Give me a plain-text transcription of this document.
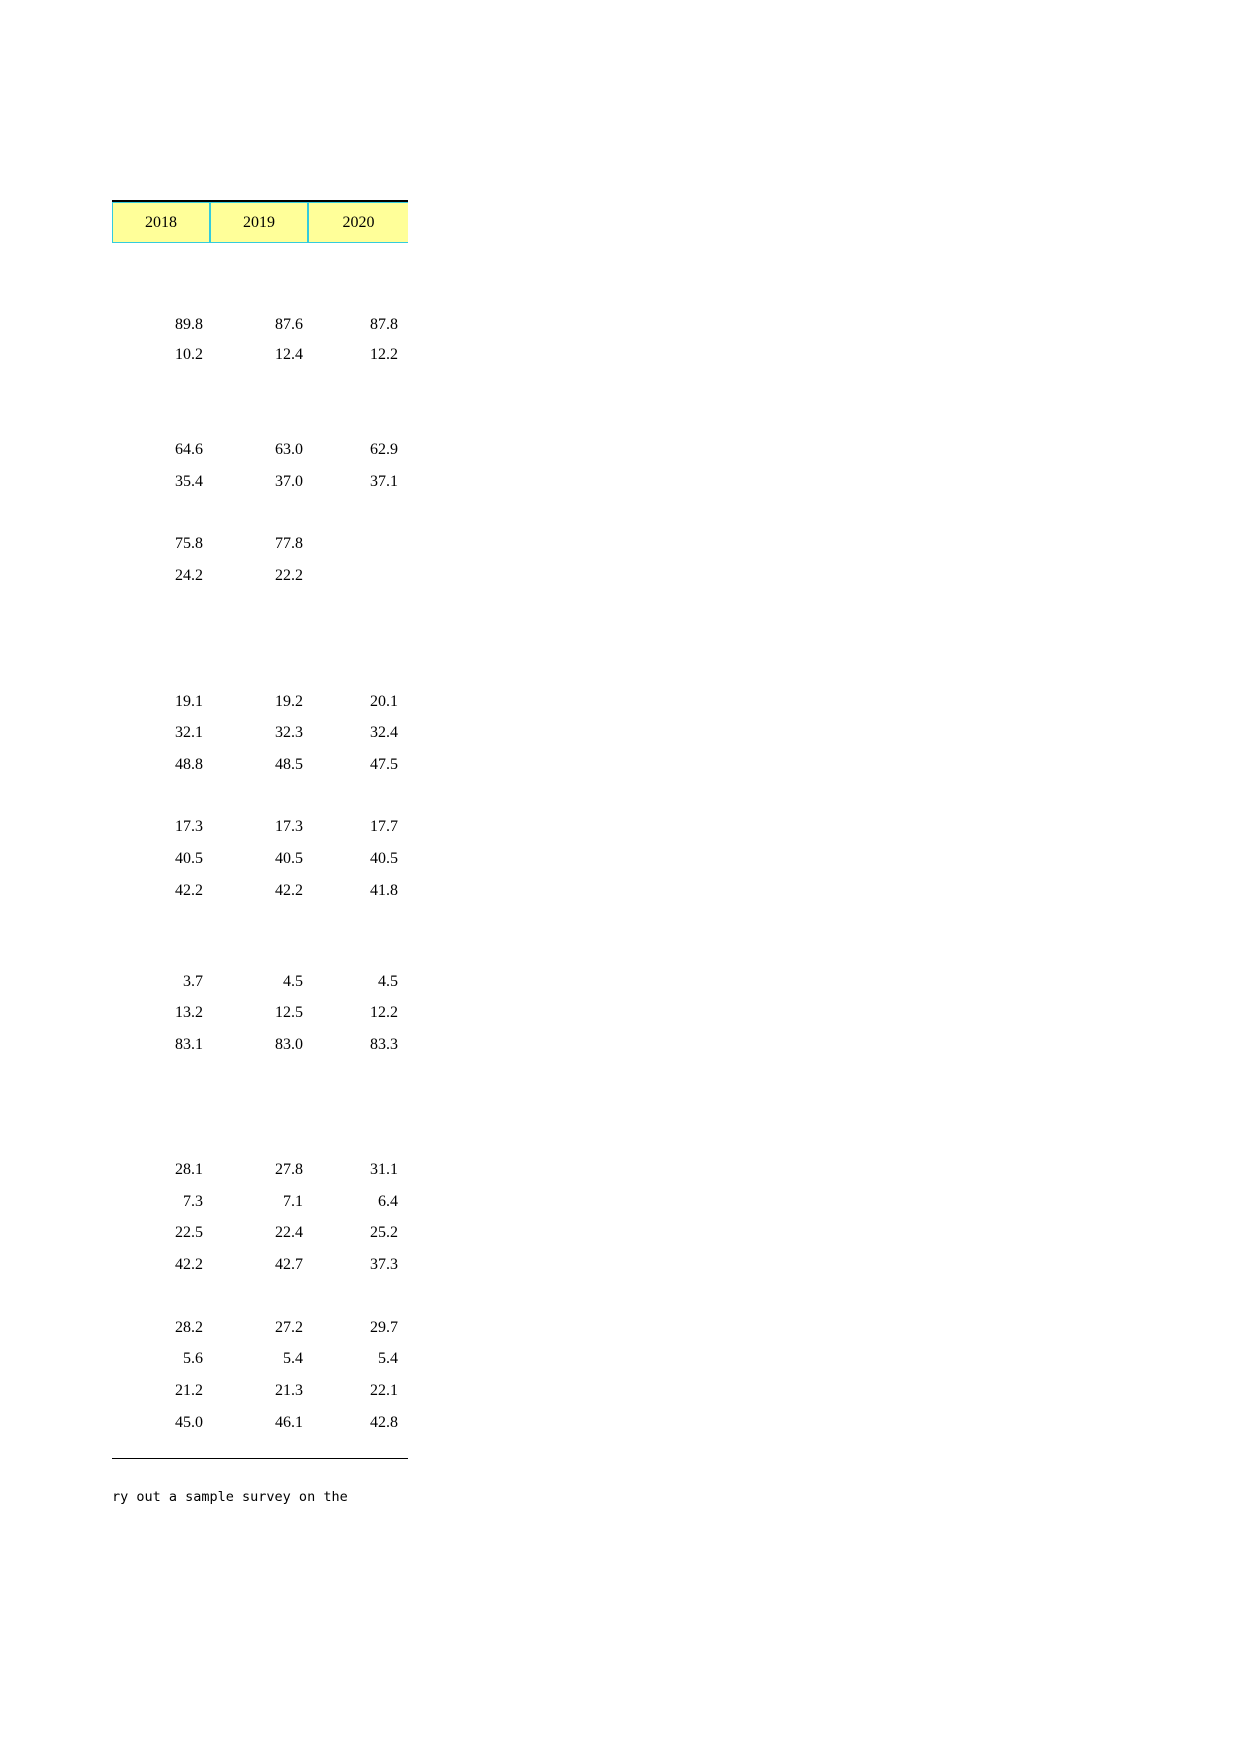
2018	2019	2020
89.8	87.6	87.8
10.2	12.4	12.2
64.6	63.0	62.9
35.4	37.0	37.1
75.8	77.8
24.2	22.2
19.1	19.2	20.1
32.1	32.3	32.4
48.8	48.5	47.5
17.3	17.3	17.7
40.5	40.5	40.5
42.2	42.2	41.8
3.7	4.5	4.5
13.2	12.5	12.2
83.1	83.0	83.3
28.1	27.8	31.1
7.3	7.1	6.4
22.5	22.4	25.2
42.2	42.7	37.3
28.2	27.2	29.7
5.6	5.4	5.4
21.2	21.3	22.1
45.0	46.1	42.8
ry out a sample survey on the
